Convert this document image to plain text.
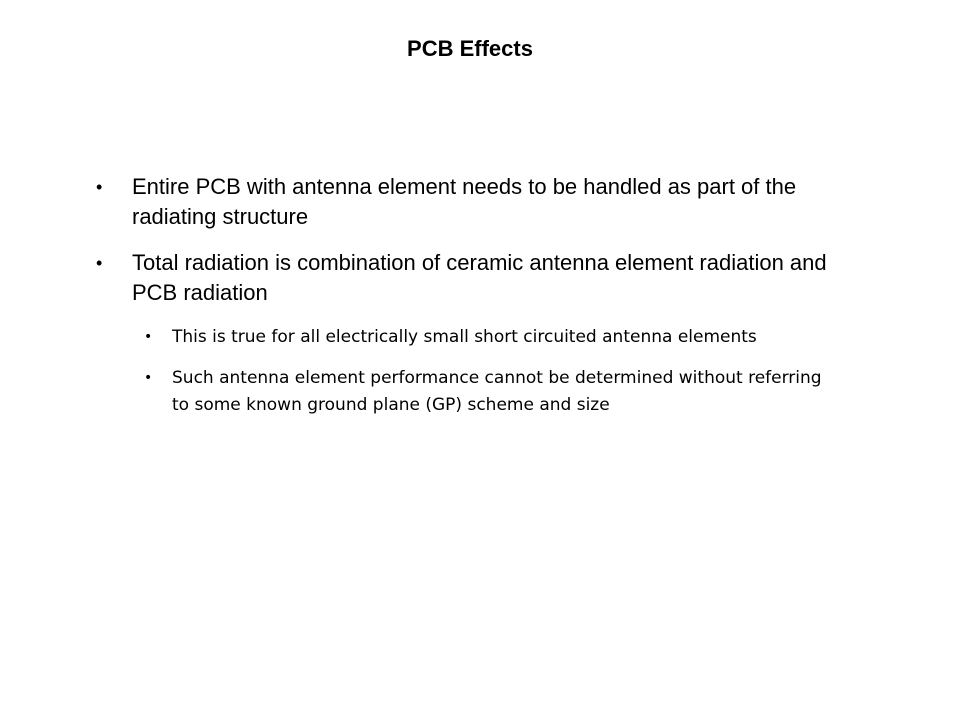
PCB Effects
• Entire PCB with antenna element needs to be handled as part of the radiating structure
• Total radiation is combination of ceramic antenna element radiation and PCB radiation
• This is true for all electrically small short circuited antenna elements
• Such antenna element performance cannot be determined without referring to some known ground plane (GP) scheme and size
